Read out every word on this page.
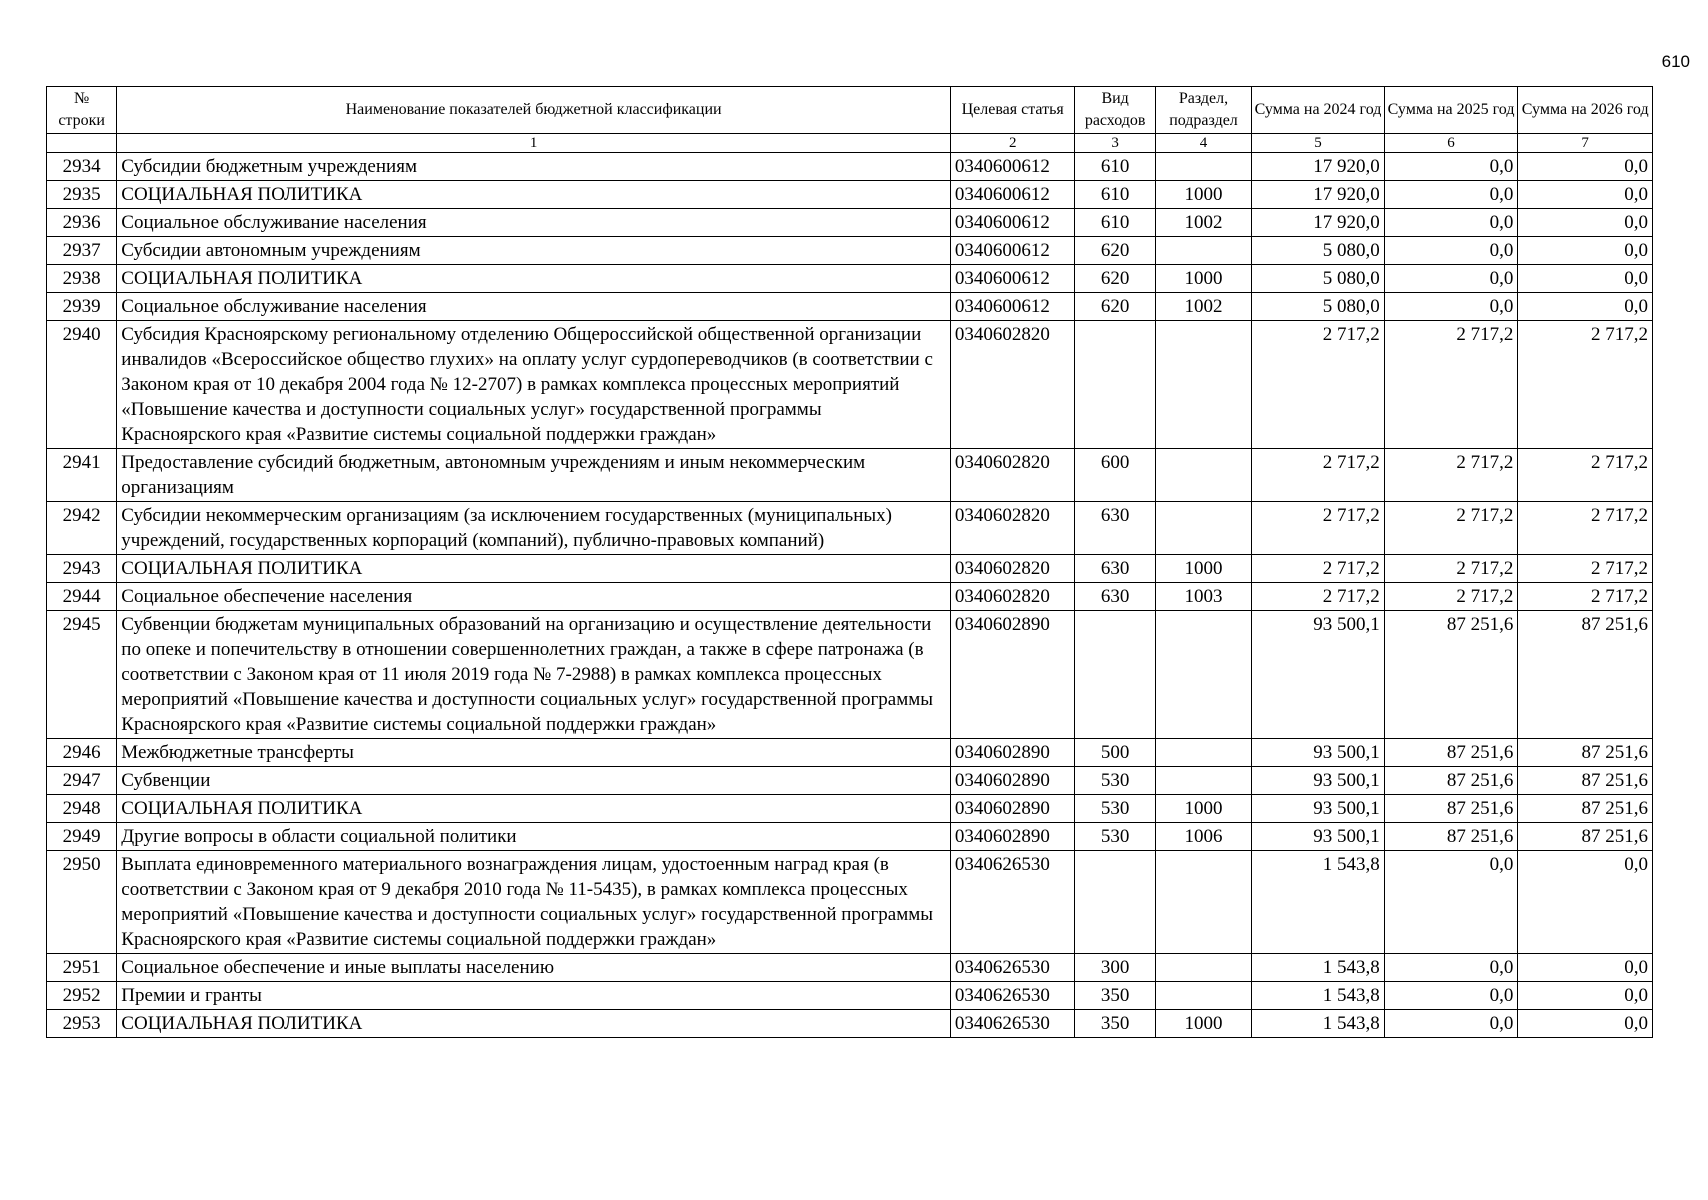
610
№ строки	Наименование показателей бюджетной классификации	Целевая статья	Вид расходов	Раздел, подраздел	Сумма на 2024 год	Сумма на 2025 год	Сумма на 2026 год
	1	2	3	4	5	6	7
2934	Субсидии бюджетным учреждениям	0340600612	610		17 920,0	0,0	0,0
2935	СОЦИАЛЬНАЯ ПОЛИТИКА	0340600612	610	1000	17 920,0	0,0	0,0
2936	Социальное обслуживание населения	0340600612	610	1002	17 920,0	0,0	0,0
2937	Субсидии автономным учреждениям	0340600612	620		5 080,0	0,0	0,0
2938	СОЦИАЛЬНАЯ ПОЛИТИКА	0340600612	620	1000	5 080,0	0,0	0,0
2939	Социальное обслуживание населения	0340600612	620	1002	5 080,0	0,0	0,0
2940	Субсидия Красноярскому региональному отделению Общероссийской общественной организации инвалидов «Всероссийское общество глухих» на оплату услуг сурдопереводчиков (в соответствии с Законом края от 10 декабря 2004 года № 12-2707) в рамках комплекса процессных мероприятий «Повышение качества и доступности социальных услуг» государственной программы Красноярского края «Развитие системы социальной поддержки граждан»	0340602820			2 717,2	2 717,2	2 717,2
2941	Предоставление субсидий бюджетным, автономным учреждениям и иным некоммерческим организациям	0340602820	600		2 717,2	2 717,2	2 717,2
2942	Субсидии некоммерческим организациям (за исключением государственных (муниципальных) учреждений, государственных корпораций (компаний), публично-правовых компаний)	0340602820	630		2 717,2	2 717,2	2 717,2
2943	СОЦИАЛЬНАЯ ПОЛИТИКА	0340602820	630	1000	2 717,2	2 717,2	2 717,2
2944	Социальное обеспечение населения	0340602820	630	1003	2 717,2	2 717,2	2 717,2
2945	Субвенции бюджетам муниципальных образований на организацию и осуществление деятельности по опеке и попечительству в отношении совершеннолетних граждан, а также в сфере патронажа (в соответствии с Законом края от 11 июля 2019 года № 7-2988) в рамках комплекса процессных мероприятий «Повышение качества и доступности социальных услуг» государственной программы Красноярского края «Развитие системы социальной поддержки граждан»	0340602890			93 500,1	87 251,6	87 251,6
2946	Межбюджетные трансферты	0340602890	500		93 500,1	87 251,6	87 251,6
2947	Субвенции	0340602890	530		93 500,1	87 251,6	87 251,6
2948	СОЦИАЛЬНАЯ ПОЛИТИКА	0340602890	530	1000	93 500,1	87 251,6	87 251,6
2949	Другие вопросы в области социальной политики	0340602890	530	1006	93 500,1	87 251,6	87 251,6
2950	Выплата единовременного материального вознаграждения лицам, удостоенным наград края (в соответствии с Законом края от 9 декабря 2010 года № 11-5435), в рамках комплекса процессных мероприятий «Повышение качества и доступности социальных услуг» государственной программы Красноярского края «Развитие системы социальной поддержки граждан»	0340626530			1 543,8	0,0	0,0
2951	Социальное обеспечение и иные выплаты населению	0340626530	300		1 543,8	0,0	0,0
2952	Премии и гранты	0340626530	350		1 543,8	0,0	0,0
2953	СОЦИАЛЬНАЯ ПОЛИТИКА	0340626530	350	1000	1 543,8	0,0	0,0
